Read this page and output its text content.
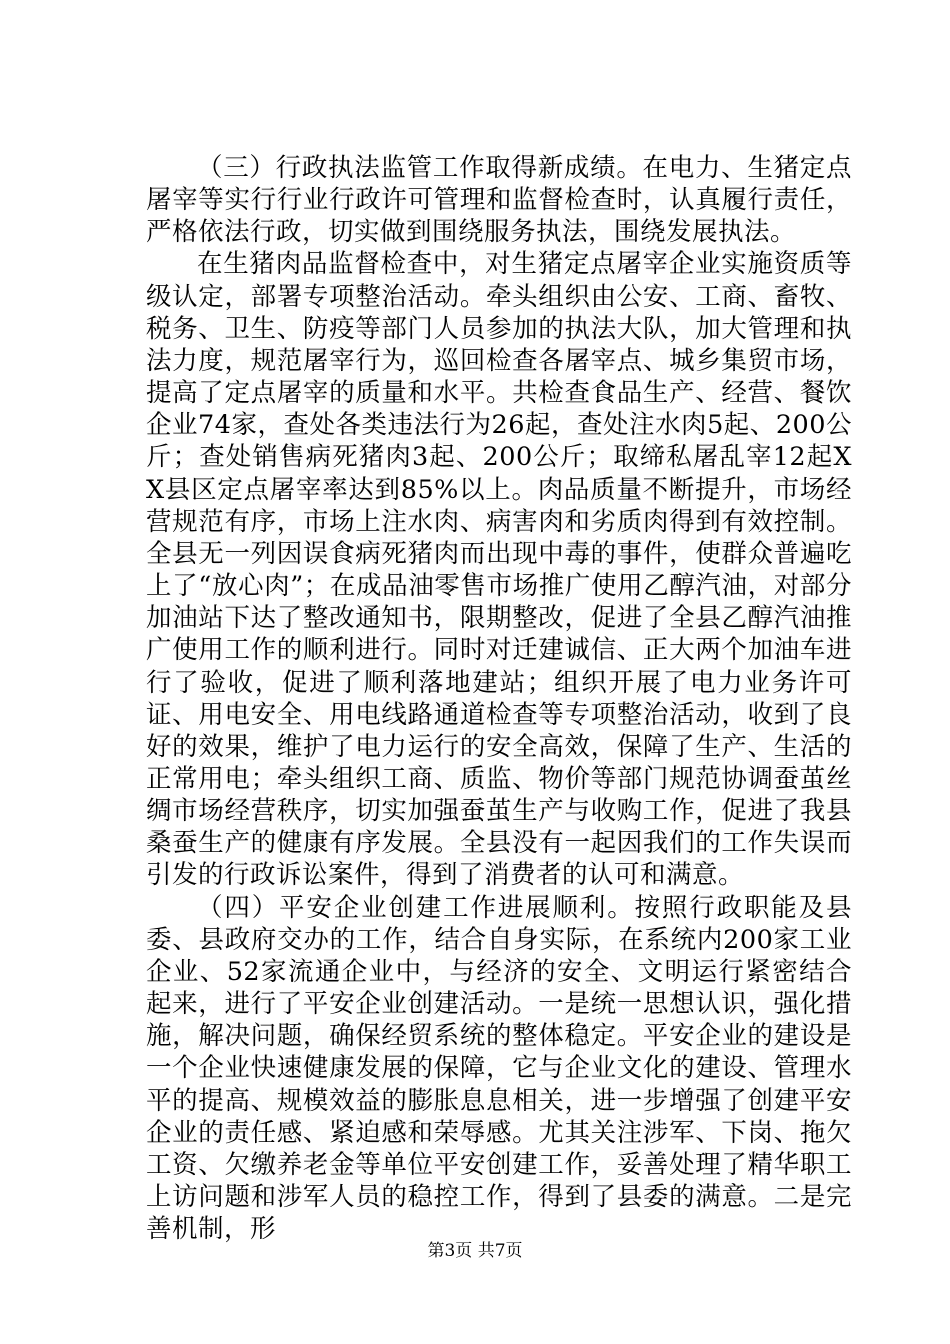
（三）行政执法监管工作取得新成绩。在电力、生猪定点屠宰等实行行业行政许可管理和监督检查时，认真履行责任，严格依法行政，切实做到围绕服务执法，围绕发展执法。

在生猪肉品监督检查中，对生猪定点屠宰企业实施资质等级认定，部署专项整治活动。牵头组织由公安、工商、畜牧、税务、卫生、防疫等部门人员参加的执法大队，加大管理和执法力度，规范屠宰行为，巡回检查各屠宰点、城乡集贸市场，提高了定点屠宰的质量和水平。共检查食品生产、经营、餐饮企业74家，查处各类违法行为26起，查处注水肉5起、200公斤；查处销售病死猪肉3起、200公斤；取缔私屠乱宰12起XX县区定点屠宰率达到85%以上。肉品质量不断提升，市场经营规范有序，市场上注水肉、病害肉和劣质肉得到有效控制。全县无一列因误食病死猪肉而出现中毒的事件，使群众普遍吃上了“放心肉”；在成品油零售市场推广使用乙醇汽油，对部分加油站下达了整改通知书，限期整改，促进了全县乙醇汽油推广使用工作的顺利进行。同时对迁建诚信、正大两个加油车进行了验收，促进了顺利落地建站；组织开展了电力业务许可证、用电安全、用电线路通道检查等专项整治活动，收到了良好的效果，维护了电力运行的安全高效，保障了生产、生活的正常用电；牵头组织工商、质监、物价等部门规范协调蚕茧丝绸市场经营秩序，切实加强蚕茧生产与收购工作，促进了我县桑蚕生产的健康有序发展。全县没有一起因我们的工作失误而引发的行政诉讼案件，得到了消费者的认可和满意。

（四）平安企业创建工作进展顺利。按照行政职能及县委、县政府交办的工作，结合自身实际，在系统内200家工业企业、52家流通企业中，与经济的安全、文明运行紧密结合起来，进行了平安企业创建活动。一是统一思想认识，强化措施，解决问题，确保经贸系统的整体稳定。平安企业的建设是一个企业快速健康发展的保障，它与企业文化的建设、管理水平的提高、规模效益的膨胀息息相关，进一步增强了创建平安企业的责任感、紧迫感和荣辱感。尤其关注涉军、下岗、拖欠工资、欠缴养老金等单位平安创建工作，妥善处理了精华职工上访问题和涉军人员的稳控工作，得到了县委的满意。二是完善机制，形

第3页 共7页
